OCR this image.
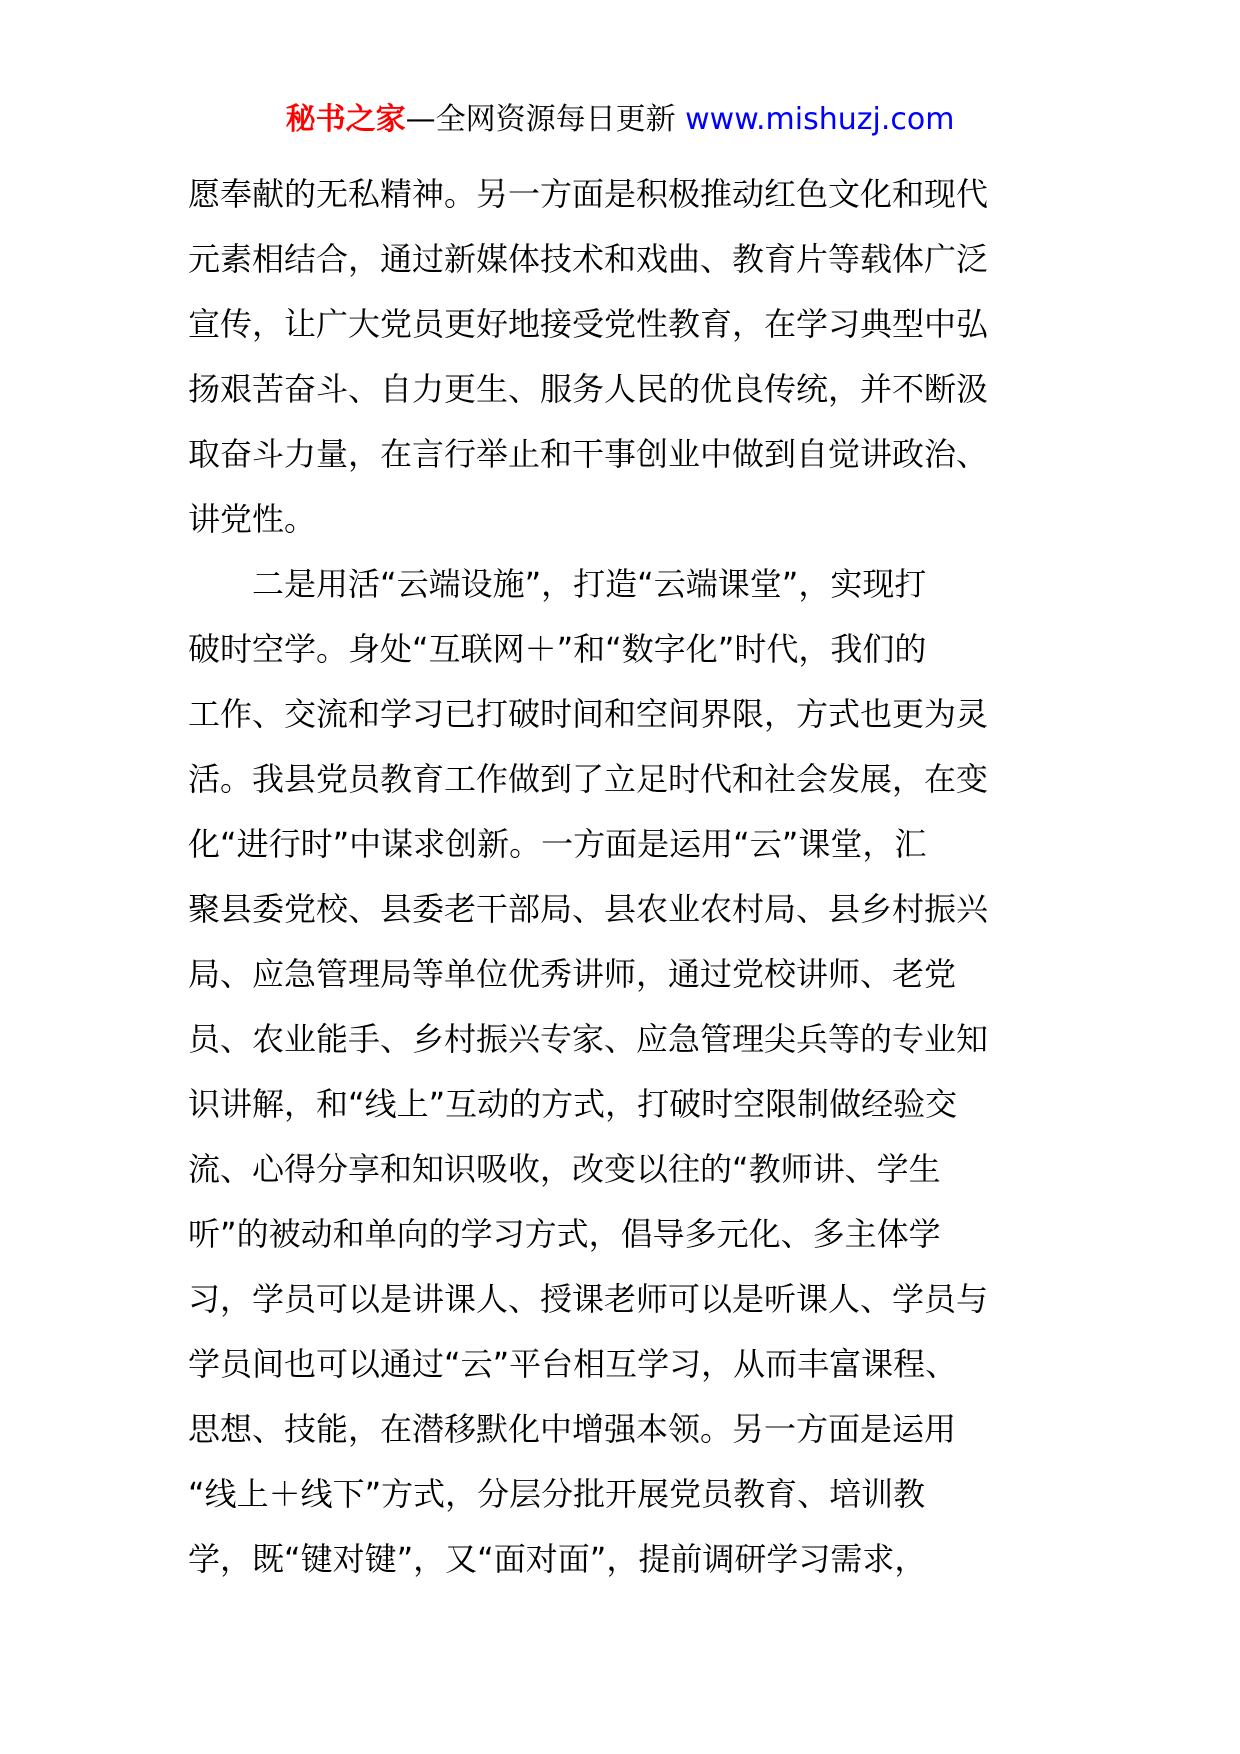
秘书之家—全网资源每日更新 www.mishuzj.com
愿奉献的无私精神。另一方面是积极推动红色文化和现代
元素相结合，通过新媒体技术和戏曲、教育片等载体广泛
宣传，让广大党员更好地接受党性教育，在学习典型中弘
扬艰苦奋斗、自力更生、服务人民的优良传统，并不断汲
取奋斗力量，在言行举止和干事创业中做到自觉讲政治、
讲党性。
二是用活“云端设施”，打造“云端课堂”，实现打
破时空学。身处“互联网＋”和“数字化”时代，我们的
工作、交流和学习已打破时间和空间界限，方式也更为灵
活。我县党员教育工作做到了立足时代和社会发展，在变
化“进行时”中谋求创新。一方面是运用“云”课堂，汇
聚县委党校、县委老干部局、县农业农村局、县乡村振兴
局、应急管理局等单位优秀讲师，通过党校讲师、老党
员、农业能手、乡村振兴专家、应急管理尖兵等的专业知
识讲解，和“线上”互动的方式，打破时空限制做经验交
流、心得分享和知识吸收，改变以往的“教师讲、学生
听”的被动和单向的学习方式，倡导多元化、多主体学
习，学员可以是讲课人、授课老师可以是听课人、学员与
学员间也可以通过“云”平台相互学习，从而丰富课程、
思想、技能，在潜移默化中增强本领。另一方面是运用
“线上＋线下”方式，分层分批开展党员教育、培训教
学，既“键对键”，又“面对面”，提前调研学习需求，
